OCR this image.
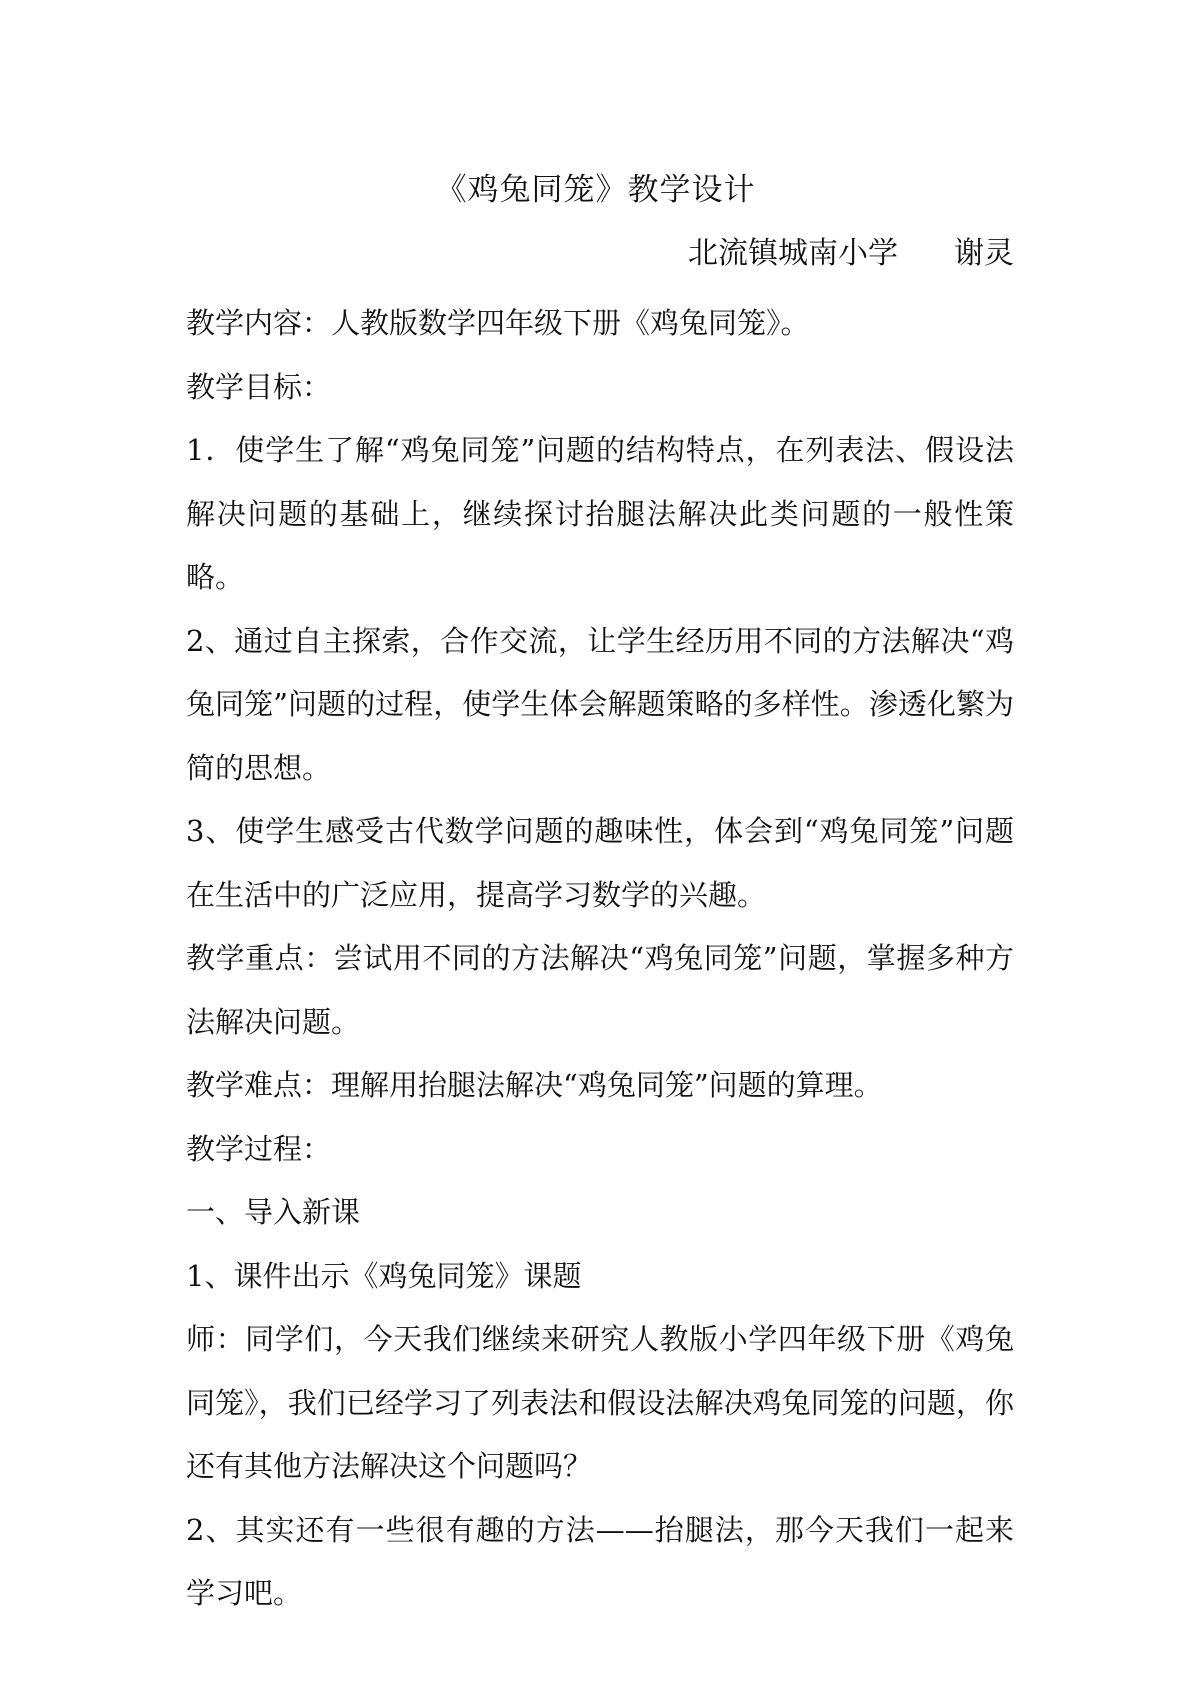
《鸡兔同笼》教学设计
北流镇城南小学 谢灵

教学内容：人教版数学四年级下册《鸡兔同笼》。

教学目标：

1．使学生了解“鸡兔同笼”问题的结构特点，在列表法、假设法解决问题的基础上，继续探讨抬腿法解决此类问题的一般性策略。

2、通过自主探索，合作交流，让学生经历用不同的方法解决“鸡兔同笼”问题的过程，使学生体会解题策略的多样性。渗透化繁为简的思想。

3、使学生感受古代数学问题的趣味性，体会到“鸡兔同笼”问题在生活中的广泛应用，提高学习数学的兴趣。

教学重点：尝试用不同的方法解决“鸡兔同笼”问题，掌握多种方法解决问题。

教学难点：理解用抬腿法解决“鸡兔同笼”问题的算理。

教学过程：

一、导入新课

1、课件出示《鸡兔同笼》课题

师：同学们，今天我们继续来研究人教版小学四年级下册《鸡兔同笼》，我们已经学习了列表法和假设法解决鸡兔同笼的问题，你还有其他方法解决这个问题吗？

2、其实还有一些很有趣的方法——抬腿法，那今天我们一起来学习吧。
